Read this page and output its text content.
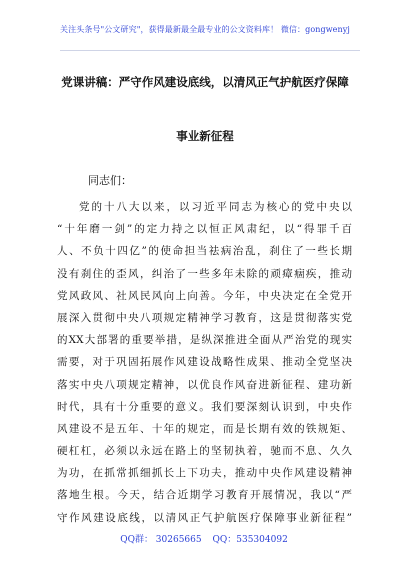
关注头条号"公文研究"，获得最新最全最专业的公文资料库！ 微信：gongwenyj
党课讲稿：严守作风建设底线，以清风正气护航医疗保障
事业新征程
同志们：
党的十八大以来，以习近平同志为核心的党中央以
“十年磨一剑”的定力持之以恒正风肃纪，以“得罪千百
人、不负十四亿”的使命担当祛病治乱，刹住了一些长期
没有刹住的歪风，纠治了一些多年未除的顽瘴痼疾，推动
党风政风、社风民风向上向善。今年，中央决定在全党开
展深入贯彻中央八项规定精神学习教育，这是贯彻落实党
的XX大部署的重要举措，是纵深推进全面从严治党的现实
需要，对于巩固拓展作风建设战略性成果、推动全党坚决
落实中央八项规定精神，以优良作风奋进新征程、建功新
时代，具有十分重要的意义。我们要深刻认识到，中央作
风建设不是五年、十年的规定，而是长期有效的铁规矩、
硬杠杠，必须以永远在路上的坚韧执着，驰而不息、久久
为功，在抓常抓细抓长上下功夫，推动中央作风建设精神
落地生根。今天，结合近期学习教育开展情况，我以“严
守作风建设底线，以清风正气护航医疗保障事业新征程”
QQ群： 30265665 QQ：535304092
